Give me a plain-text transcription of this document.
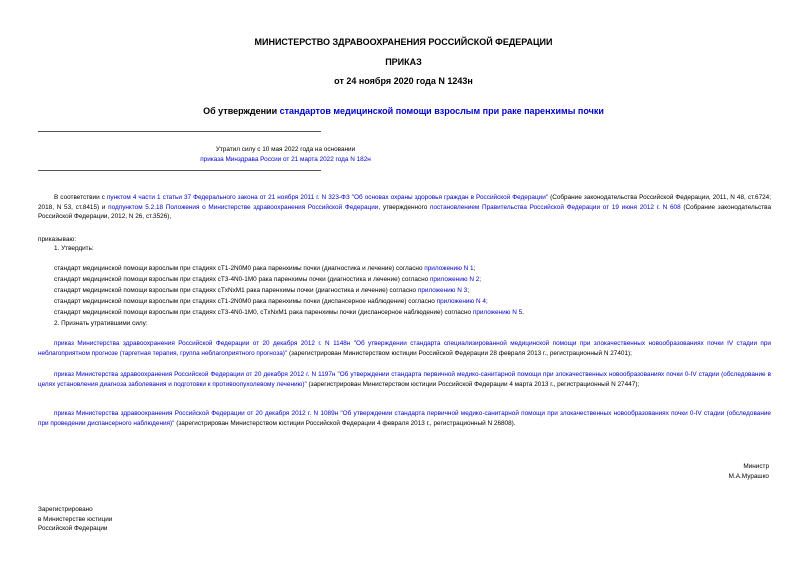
МИНИСТЕРСТВО ЗДРАВООХРАНЕНИЯ РОССИЙСКОЙ ФЕДЕРАЦИИ
ПРИКАЗ
от 24 ноября 2020 года N 1243н
Об утверждении стандартов медицинской помощи взрослым при раке паренхимы почки
Утратил силу с 10 мая 2022 года на основании
приказа Минздрава России от 21 марта 2022 года N 182н
В соответствии с пунктом 4 части 1 статьи 37 Федерального закона от 21 ноября 2011 г. N 323-ФЗ "Об основах охраны здоровья граждан в Российской Федерации" (Собрание законодательства Российской Федерации, 2011, N 48, ст.6724; 2018, N 53, ст.8415) и подпунктом 5.2.18 Положения о Министерстве здравоохранения Российской Федерации, утвержденного постановлением Правительства Российской Федерации от 19 июня 2012 г. N 608 (Собрание законодательства Российской Федерации, 2012, N 26, ст.3526),
приказываю:
1. Утвердить:
стандарт медицинской помощи взрослым при стадиях cT1-2N0M0 рака паренхимы почки (диагностика и лечение) согласно приложению N 1;
стандарт медицинской помощи взрослым при стадиях cT3-4N0-1M0 рака паренхимы почки (диагностика и лечение) согласно приложению N 2;
стандарт медицинской помощи взрослым при стадиях cTxNxM1 рака паренхимы почки (диагностика и лечение) согласно приложению N 3;
стандарт медицинской помощи взрослым при стадиях cT1-2N0M0 рака паренхимы почки (диспансерное наблюдение) согласно приложению N 4;
стандарт медицинской помощи взрослым при стадиях cT3-4N0-1M0, cTxNxM1 рака паренхимы почки (диспансерное наблюдение) согласно приложению N 5.
2. Признать утратившими силу:
приказ Министерства здравоохранения Российской Федерации от 20 декабря 2012 г. N 1148н "Об утверждении стандарта специализированной медицинской помощи при злокачественных новообразованиях почки IV стадии при неблагоприятном прогнозе (таргетная терапия, группа неблагоприятного прогноза)" (зарегистрирован Министерством юстиции Российской Федерации 28 февраля 2013 г., регистрационный N 27401);
приказ Министерства здравоохранения Российской Федерации от 20 декабря 2012 г. N 1197н "Об утверждении стандарта первичной медико-санитарной помощи при злокачественных новообразованиях почки 0-IV стадии (обследование в целях установления диагноза заболевания и подготовки к противоопухолевому лечению)" (зарегистрирован Министерством юстиции Российской Федерации 4 марта 2013 г., регистрационный N 27447);
приказ Министерства здравоохранения Российской Федерации от 20 декабря 2012 г. N 1089н "Об утверждении стандарта первичной медико-санитарной помощи при злокачественных новообразованиях почки 0-IV стадии (обследование при проведении диспансерного наблюдения)" (зарегистрирован Министерством юстиции Российской Федерации 4 февраля 2013 г., регистрационный N 26808).
Министр
М.А.Мурашко
Зарегистрировано
в Министерстве юстиции
Российской Федерации
